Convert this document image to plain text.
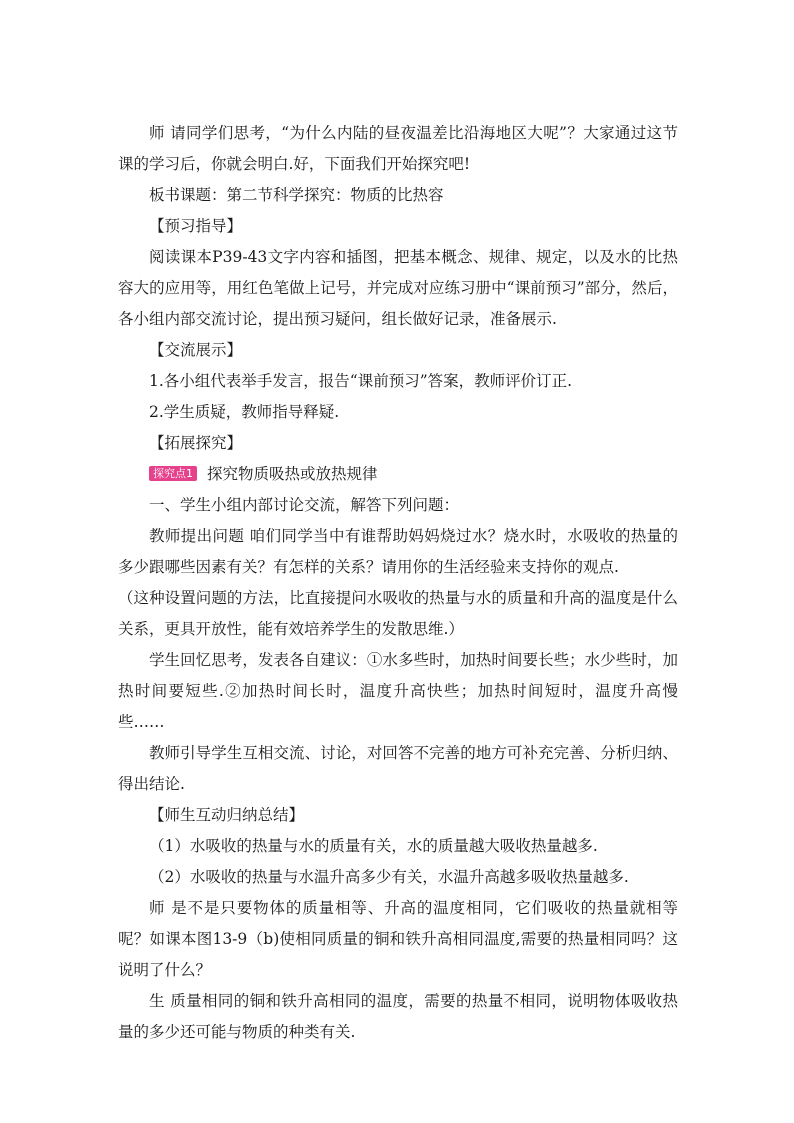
师 请同学们思考，“为什么内陆的昼夜温差比沿海地区大呢”？大家通过这节课的学习后，你就会明白.好，下面我们开始探究吧!

板书课题：第二节科学探究：物质的比热容

【预习指导】

阅读课本P39-43文字内容和插图，把基本概念、规律、规定，以及水的比热容大的应用等，用红色笔做上记号，并完成对应练习册中“课前预习”部分，然后，各小组内部交流讨论，提出预习疑问，组长做好记录，准备展示.

【交流展示】

1.各小组代表举手发言，报告“课前预习”答案，教师评价订正.

2.学生质疑，教师指导释疑.

【拓展探究】

探究点1 探究物质吸热或放热规律

一、学生小组内部讨论交流，解答下列问题：

教师提出问题 咱们同学当中有谁帮助妈妈烧过水？烧水时，水吸收的热量的多少跟哪些因素有关？有怎样的关系？请用你的生活经验来支持你的观点.

（这种设置问题的方法，比直接提问水吸收的热量与水的质量和升高的温度是什么关系，更具开放性，能有效培养学生的发散思维.）

学生回忆思考，发表各自建议：①水多些时，加热时间要长些；水少些时，加热时间要短些.②加热时间长时，温度升高快些；加热时间短时，温度升高慢些……

教师引导学生互相交流、讨论，对回答不完善的地方可补充完善、分析归纳、得出结论.

【师生互动归纳总结】

（1）水吸收的热量与水的质量有关，水的质量越大吸收热量越多.

（2）水吸收的热量与水温升高多少有关，水温升高越多吸收热量越多.

师 是不是只要物体的质量相等、升高的温度相同，它们吸收的热量就相等呢？如课本图13-9（b)使相同质量的铜和铁升高相同温度,需要的热量相同吗？这说明了什么？

生 质量相同的铜和铁升高相同的温度，需要的热量不相同，说明物体吸收热量的多少还可能与物质的种类有关.
